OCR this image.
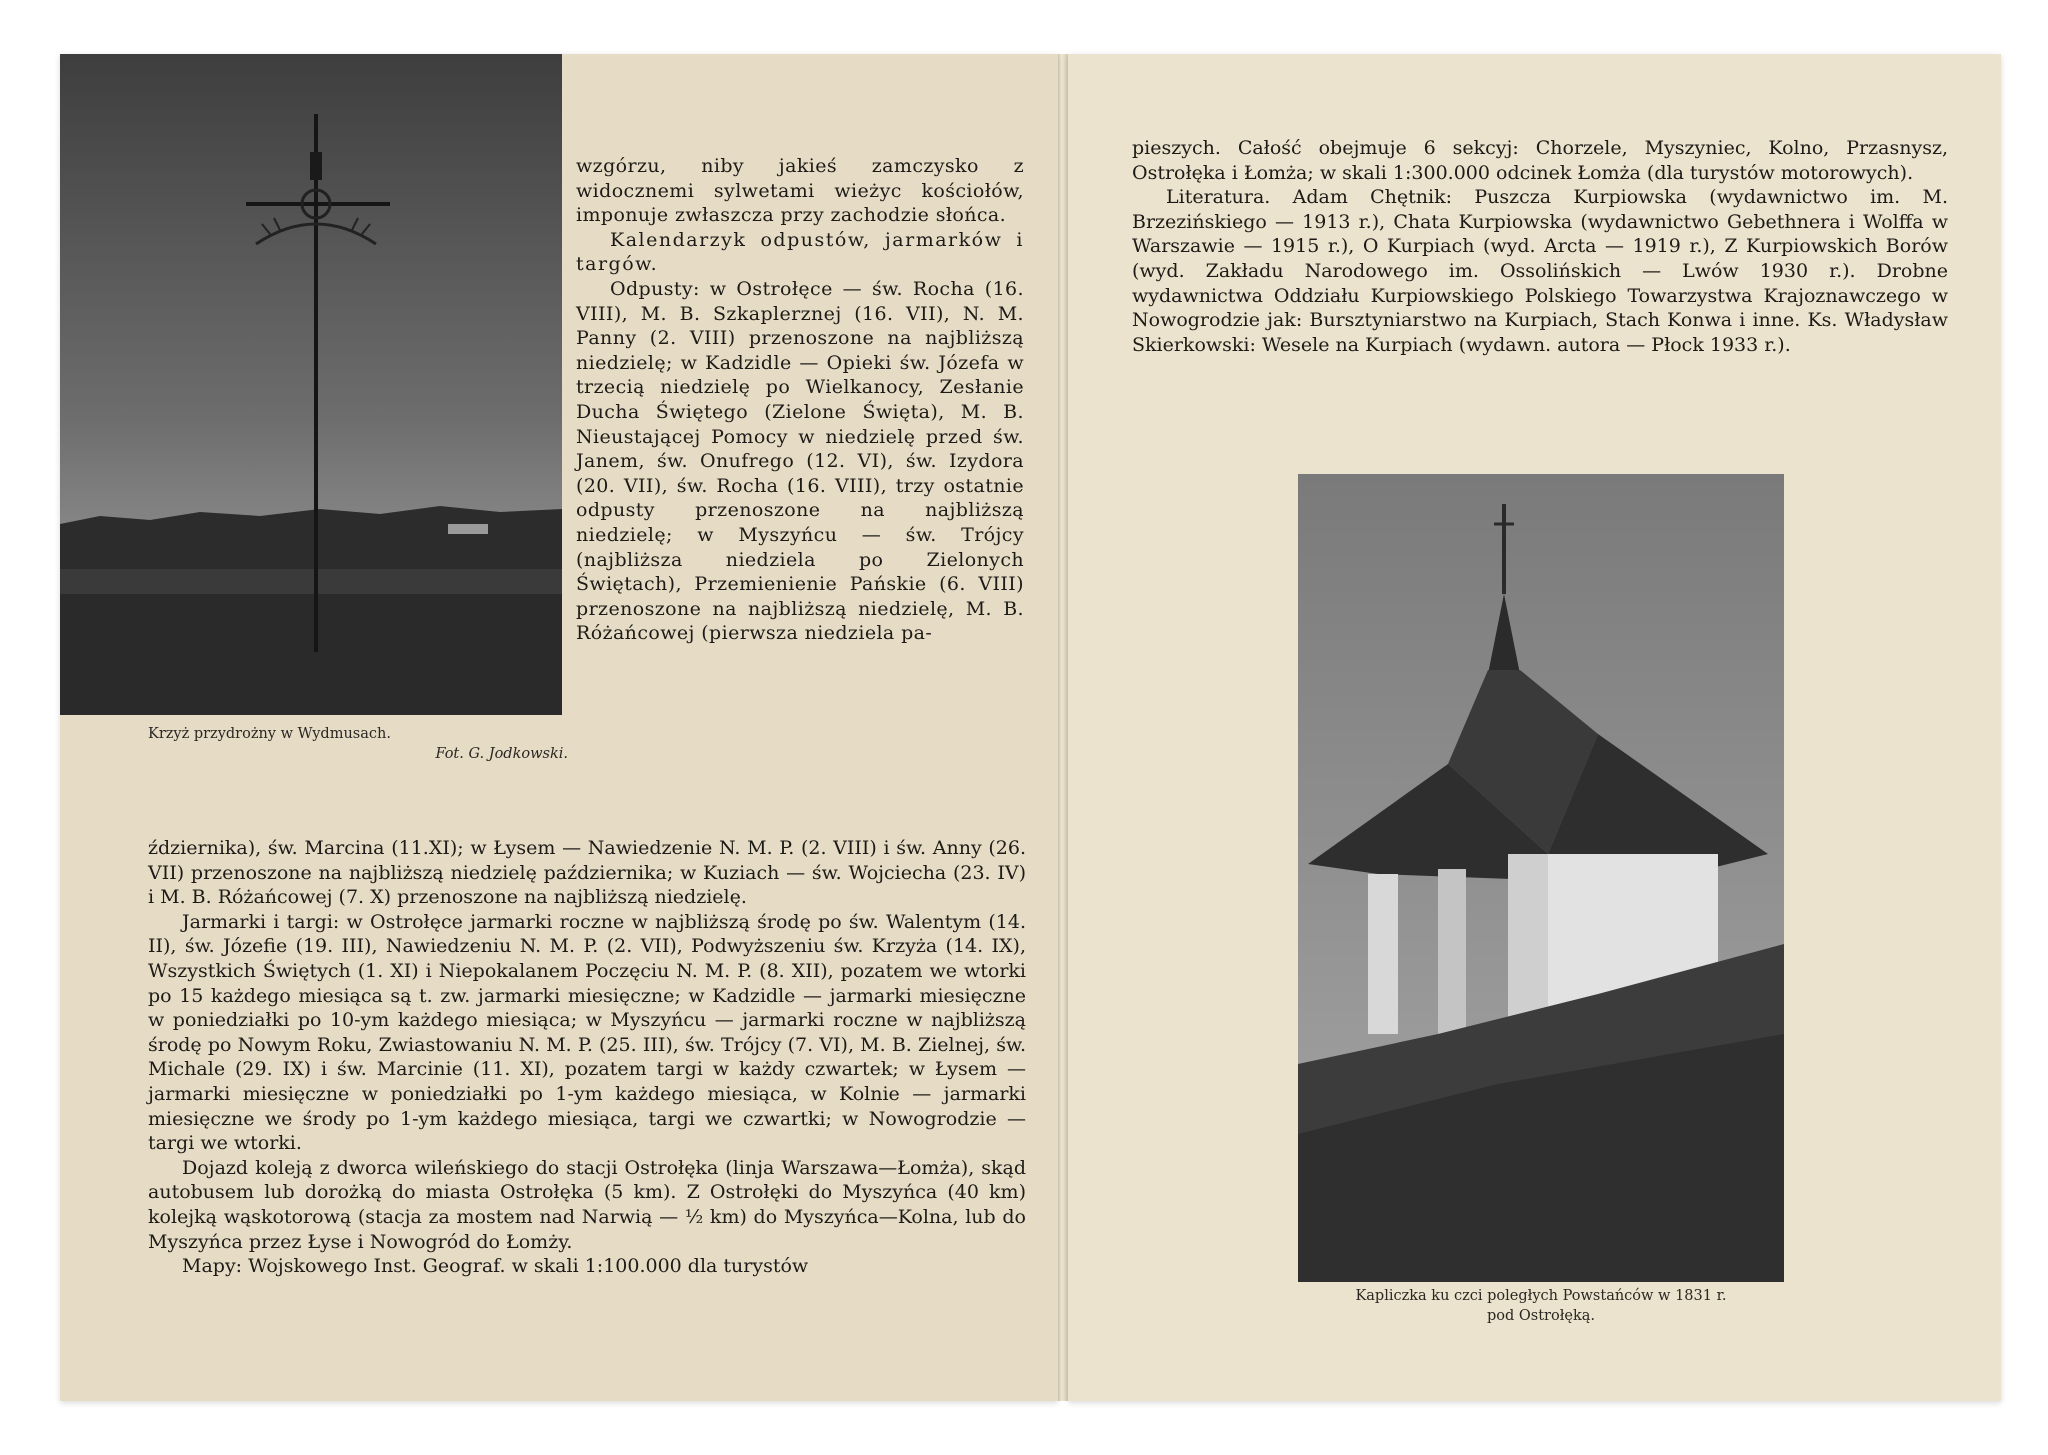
Krzyż przydrożny w Wydmusach.
Fot. G. Jodkowski.

wzgórzu, niby jakieś zamczysko z widocznemi sylwetami wieżyc kościołów, imponuje zwłaszcza przy zachodzie słońca.

Kalendarzyk odpustów, jarmarków i targów.

Odpusty: w Ostrołęce — św. Rocha (16. VIII), M. B. Szkaplerznej (16. VII), N. M. Panny (2. VIII) przenoszone na najbliższą niedzielę; w Kadzidle — Opieki św. Józefa w trzecią niedzielę po Wielkanocy, Zesłanie Ducha Świętego (Zielone Święta), M. B. Nieustającej Pomocy w niedzielę przed św. Janem, św. Onufrego (12. VI), św. Izydora (20. VII), św. Rocha (16. VIII), trzy ostatnie odpusty przenoszone na najbliższą niedzielę; w Myszyńcu — św. Trójcy (najbliższa niedziela po Zielonych Świętach), Przemienienie Pańskie (6. VIII) przenoszone na najbliższą niedzielę, M. B. Różańcowej (pierwsza niedziela pa-

ździernika), św. Marcina (11.XI); w Łysem — Nawiedzenie N. M. P. (2. VIII) i św. Anny (26. VII) przenoszone na najbliższą niedzielę października; w Kuziach — św. Wojciecha (23. IV) i M. B. Różańcowej (7. X) przenoszone na najbliższą niedzielę.

Jarmarki i targi: w Ostrołęce jarmarki roczne w najbliższą środę po św. Walentym (14. II), św. Józefie (19. III), Nawiedzeniu N. M. P. (2. VII), Podwyższeniu św. Krzyża (14. IX), Wszystkich Świętych (1. XI) i Niepokalanem Poczęciu N. M. P. (8. XII), pozatem we wtorki po 15 każdego miesiąca są t. zw. jarmarki miesięczne; w Kadzidle — jarmarki miesięczne w poniedziałki po 10-ym każdego miesiąca; w Myszyńcu — jarmarki roczne w najbliższą środę po Nowym Roku, Zwiastowaniu N. M. P. (25. III), św. Trójcy (7. VI), M. B. Zielnej, św. Michale (29. IX) i św. Marcinie (11. XI), pozatem targi w każdy czwartek; w Łysem — jarmarki miesięczne w poniedziałki po 1-ym każdego miesiąca, w Kolnie — jarmarki miesięczne we środy po 1-ym każdego miesiąca, targi we czwartki; w Nowogrodzie — targi we wtorki.

Dojazd koleją z dworca wileńskiego do stacji Ostrołęka (linja Warszawa—Łomża), skąd autobusem lub dorożką do miasta Ostrołęka (5 km). Z Ostrołęki do Myszyńca (40 km) kolejką wąskotorową (stacja za mostem nad Narwią — ½ km) do Myszyńca—Kolna, lub do Myszyńca przez Łyse i Nowogród do Łomży.

Mapy: Wojskowego Inst. Geograf. w skali 1:100.000 dla turystów

pieszych. Całość obejmuje 6 sekcyj: Chorzele, Myszyniec, Kolno, Przasnysz, Ostrołęka i Łomża; w skali 1:300.000 odcinek Łomża (dla turystów motorowych).

Literatura. Adam Chętnik: Puszcza Kurpiowska (wydawnictwo im. M. Brzezińskiego — 1913 r.), Chata Kurpiowska (wydawnictwo Gebethnera i Wolffa w Warszawie — 1915 r.), O Kurpiach (wyd. Arcta — 1919 r.), Z Kurpiowskich Borów (wyd. Zakładu Narodowego im. Ossolińskich — Lwów 1930 r.). Drobne wydawnictwa Oddziału Kurpiowskiego Polskiego Towarzystwa Krajoznawczego w Nowogrodzie jak: Bursztyniarstwo na Kurpiach, Stach Konwa i inne. Ks. Władysław Skierkowski: Wesele na Kurpiach (wydawn. autora — Płock 1933 r.).

Kapliczka ku czci poległych Powstańców w 1831 r.
pod Ostrołęką.
